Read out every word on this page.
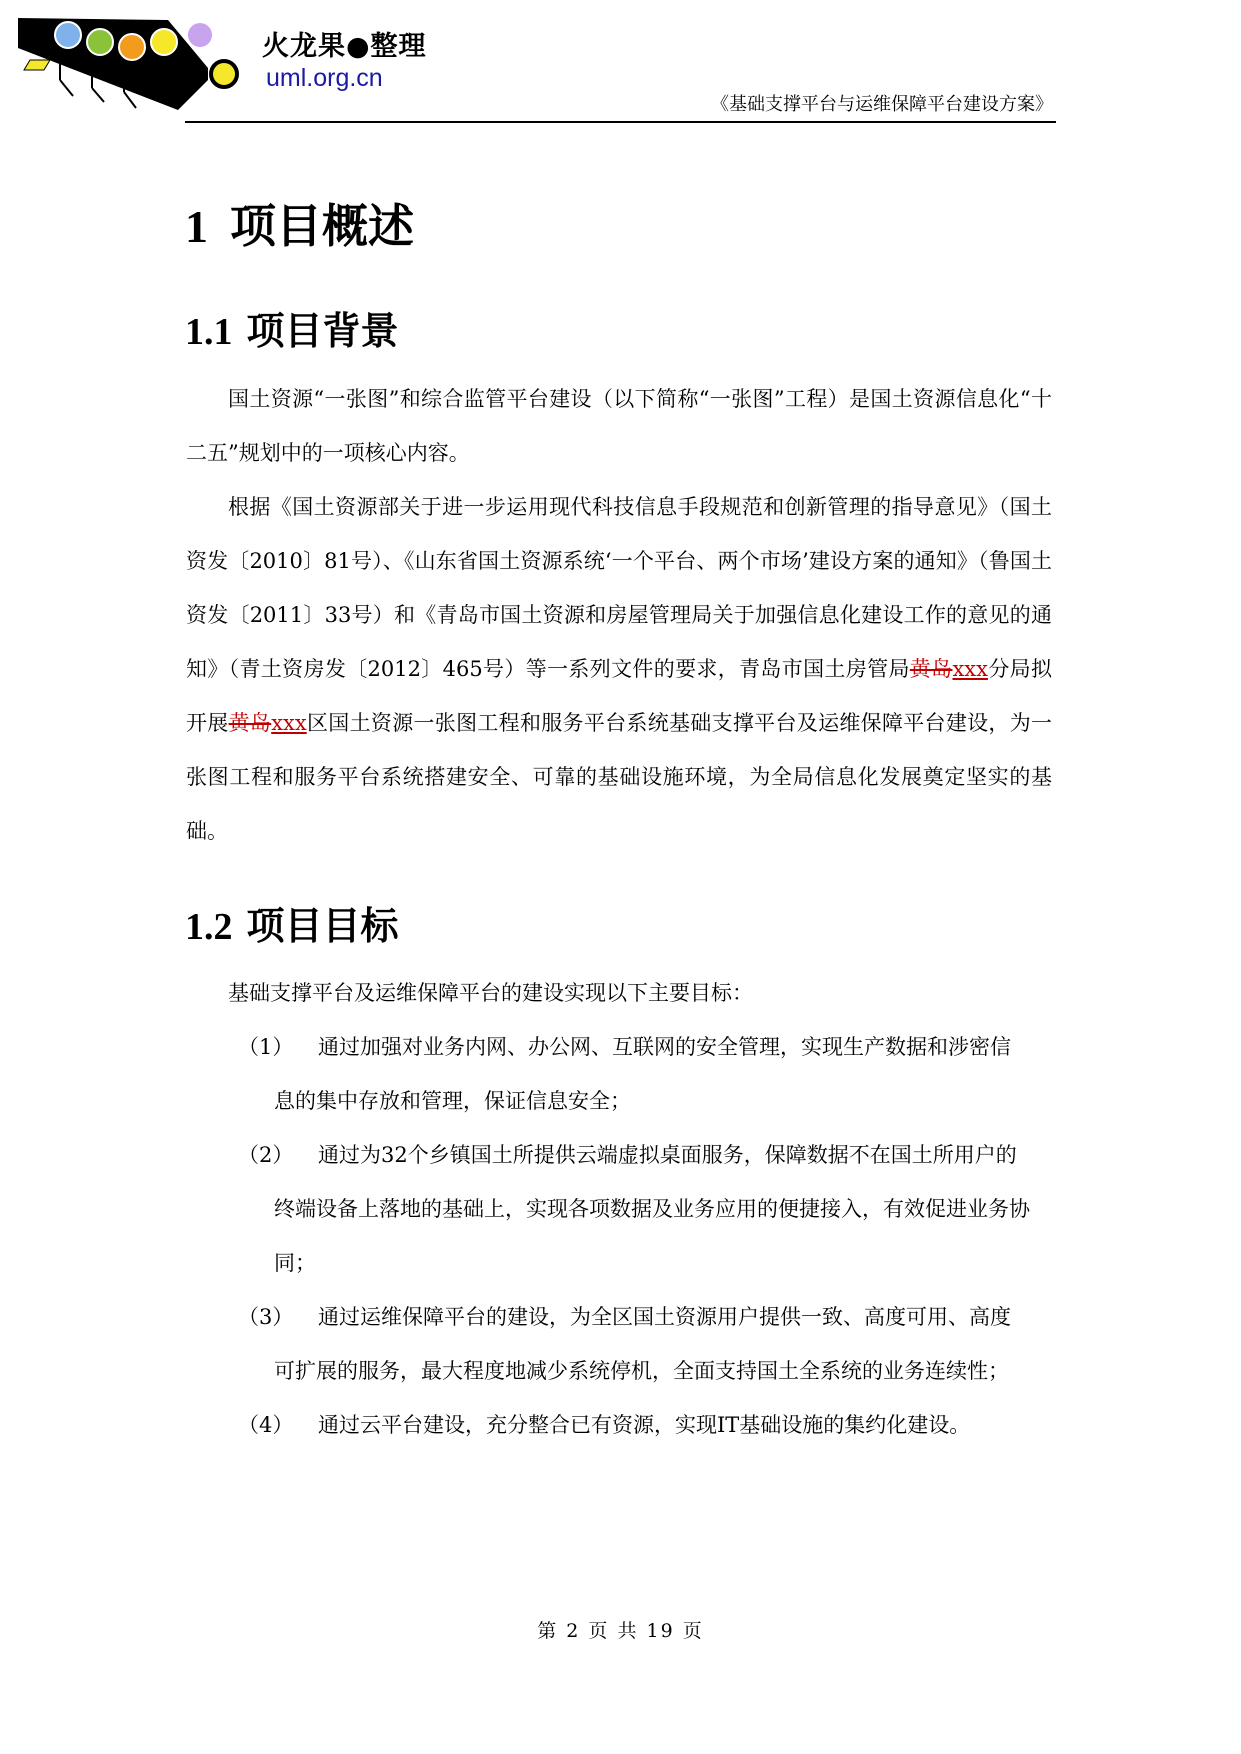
火龙果●整理
uml.org.cn
《基础支撑平台与运维保障平台建设方案》
1 项目概述
1.1 项目背景

国土资源“一张图”和综合监管平台建设（以下简称“一张图”工程）是国土资源信息化“十二五”规划中的一项核心内容。

根据《国土资源部关于进一步运用现代科技信息手段规范和创新管理的指导意见》（国土资发〔2010〕81号）、《山东省国土资源系统‘一个平台、两个市场’建设方案的通知》（鲁国土资发〔2011〕33号）和《青岛市国土资源和房屋管理局关于加强信息化建设工作的意见的通知》（青土资房发〔2012〕465号）等一系列文件的要求，青岛市国土房管局黄岛xxx分局拟开展黄岛xxx区国土资源一张图工程和服务平台系统基础支撑平台及运维保障平台建设，为一张图工程和服务平台系统搭建安全、可靠的基础设施环境，为全局信息化发展奠定坚实的基础。

1.2 项目目标

基础支撑平台及运维保障平台的建设实现以下主要目标：

（1）	通过加强对业务内网、办公网、互联网的安全管理，实现生产数据和涉密信
息的集中存放和管理，保证信息安全；
（2）	通过为32个乡镇国土所提供云端虚拟桌面服务，保障数据不在国土所用户的
终端设备上落地的基础上，实现各项数据及业务应用的便捷接入，有效促进业务协同；
（3）	通过运维保障平台的建设，为全区国土资源用户提供一致、高度可用、高度
可扩展的服务，最大程度地减少系统停机，全面支持国土全系统的业务连续性；
（4）	通过云平台建设，充分整合已有资源，实现IT基础设施的集约化建设。
第 2 页 共 19 页
